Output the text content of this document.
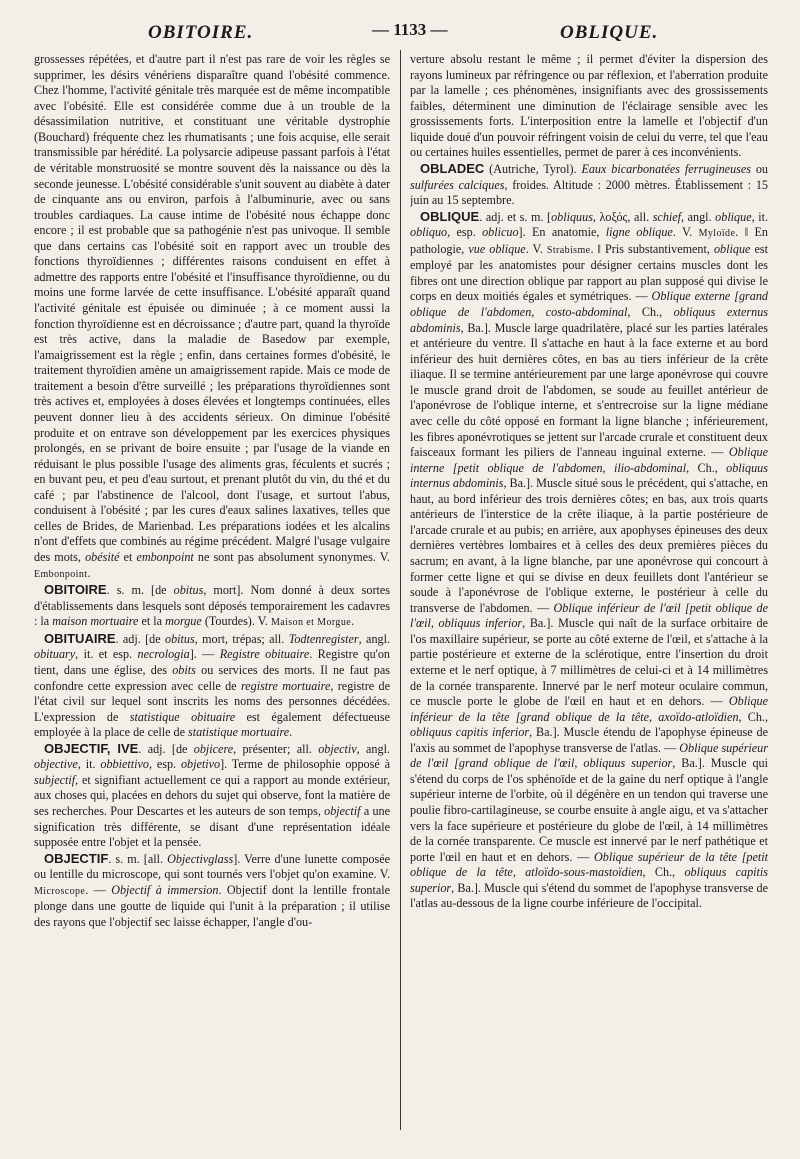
OBITOIRE.	— 1133 —	OBLIQUE.

grossesses répétées, et d'autre part il n'est pas rare de voir les règles se supprimer, les désirs vénériens disparaître quand l'obésité commence. Chez l'homme, l'activité génitale très marquée est de même incompatible avec l'obésité. Elle est considérée comme due à un trouble de la désassimilation nutritive, et constituant une véritable dystrophie (Bouchard) fréquente chez les rhumatisants ; une fois acquise, elle serait transmissible par hérédité. La polysarcie adipeuse passant parfois à l'état de véritable monstruosité se montre souvent dès la naissance ou dès la seconde jeunesse. L'obésité considérable s'unit souvent au diabète à dater de cinquante ans ou environ, parfois à l'albuminurie, avec ou sans troubles cardiaques. La cause intime de l'obésité nous échappe donc encore ; il est probable que sa pathogénie n'est pas univoque. Il semble que dans certains cas l'obésité soit en rapport avec un trouble des fonctions thyroïdiennes ; différentes raisons conduisent en effet à admettre des rapports entre l'obésité et l'insuffisance thyroïdienne, ou du moins une forme larvée de cette insuffisance. L'obésité apparaît quand l'activité génitale est épuisée ou diminuée ; à ce moment aussi la fonction thyroïdienne est en décroissance ; d'autre part, quand la thyroïde est très active, dans la maladie de Basedow par exemple, l'amaigrissement est la règle ; enfin, dans certaines formes d'obésité, le traitement thyroïdien amène un amaigrissement rapide. Mais ce mode de traitement a besoin d'être surveillé ; les préparations thyroïdiennes sont très actives et, employées à doses élevées et longtemps continuées, elles peuvent donner lieu à des accidents sérieux. On diminue l'obésité produite et on entrave son développement par les exercices physiques prolongés, en se privant de boire ensuite ; par l'usage de la viande en réduisant le plus possible l'usage des aliments gras, féculents et sucrés ; en buvant peu, et peu d'eau surtout, et prenant plutôt du vin, du thé et du café ; par l'abstinence de l'alcool, dont l'usage, et surtout l'abus, conduisent à l'obésité ; par les cures d'eaux salines laxatives, telles que celles de Brides, de Marienbad. Les préparations iodées et les alcalins n'ont d'effets que combinés au régime précédent. Malgré l'usage vulgaire des mots, obésité et embonpoint ne sont pas absolument synonymes. V. Embonpoint.

OBITOIRE. s. m. [de obitus, mort]. Nom donné à deux sortes d'établissements dans lesquels sont déposés temporairement les cadavres : la maison mortuaire et la morgue (Tourdes). V. Maison et Morgue.

OBITUAIRE. adj. [de obitus, mort, trépas; all. Todtenregister, angl. obituary, it. et esp. necrologia]. — Registre obituaire. Registre qu'on tient, dans une église, des obits ou services des morts. Il ne faut pas confondre cette expression avec celle de registre mortuaire, registre de l'état civil sur lequel sont inscrits les noms des personnes décédées. L'expression de statistique obituaire est également défectueuse employée à la place de celle de statistique mortuaire.

OBJECTIF, IVE. adj. [de objicere, présenter; all. objectiv, angl. objective, it. obbiettivo, esp. objetivo]. Terme de philosophie opposé à subjectif, et signifiant actuellement ce qui a rapport au monde extérieur, aux choses qui, placées en dehors du sujet qui observe, font la matière de ses recherches. Pour Descartes et les auteurs de son temps, objectif a une signification très différente, se disant d'une représentation idéale supposée entre l'objet et la pensée.

OBJECTIF. s. m. [all. Objectivglass]. Verre d'une lunette composée ou lentille du microscope, qui sont tournés vers l'objet qu'on examine. V. Microscope. — Objectif à immersion. Objectif dont la lentille frontale plonge dans une goutte de liquide qui l'unit à la préparation ; il utilise des rayons que l'objectif sec laisse échapper, l'angle d'ou-

verture absolu restant le même ; il permet d'éviter la dispersion des rayons lumineux par réfringence ou par réflexion, et l'aberration produite par la lamelle ; ces phénomènes, insignifiants avec des grossissements faibles, déterminent une diminution de l'éclairage sensible avec les grossissements forts. L'interposition entre la lamelle et l'objectif d'un liquide doué d'un pouvoir réfringent voisin de celui du verre, tel que l'eau ou certaines huiles essentielles, permet de parer à ces inconvénients.

OBLADEC (Autriche, Tyrol). Eaux bicarbonatées ferrugineuses ou sulfurées calciques, froides. Altitude : 2000 mètres. Établissement : 15 juin au 15 septembre.

OBLIQUE. adj. et s. m. [obliquus, λοξός, all. schief, angl. oblique, it. obliquo, esp. oblicuo]. En anatomie, ligne oblique. V. Myloïde. ‖ En pathologie, vue oblique. V. Strabisme. ‖ Pris substantivement, oblique est employé par les anatomistes pour désigner certains muscles dont les fibres ont une direction oblique par rapport au plan supposé qui divise le corps en deux moitiés égales et symétriques. — Oblique externe [grand oblique de l'abdomen, costo-abdominal, Ch., obliquus externus abdominis, Ba.]. Muscle large quadrilatère, placé sur les parties latérales et antérieure du ventre. Il s'attache en haut à la face externe et au bord inférieur des huit dernières côtes, en bas au tiers inférieur de la crête iliaque. Il se termine antérieurement par une large aponévrose qui couvre le muscle grand droit de l'abdomen, se soude au feuillet antérieur de l'aponévrose de l'oblique interne, et s'entrecroise sur la ligne médiane avec celle du côté opposé en formant la ligne blanche ; inférieurement, les fibres aponévrotiques se jettent sur l'arcade crurale et constituent deux faisceaux formant les piliers de l'anneau inguinal externe. — Oblique interne [petit oblique de l'abdomen, ilio-abdominal, Ch., obliquus internus abdominis, Ba.]. Muscle situé sous le précédent, qui s'attache, en haut, au bord inférieur des trois dernières côtes; en bas, aux trois quarts antérieurs de l'interstice de la crête iliaque, à la partie postérieure de l'arcade crurale et au pubis; en arrière, aux apophyses épineuses des deux dernières vertèbres lombaires et à celles des deux premières pièces du sacrum; en avant, à la ligne blanche, par une aponévrose qui concourt à former cette ligne et qui se divise en deux feuillets dont l'antérieur se soude à l'aponévrose de l'oblique externe, le postérieur à celle du transverse de l'abdomen. — Oblique inférieur de l'œil [petit oblique de l'œil, obliquus inferior, Ba.]. Muscle qui naît de la surface orbitaire de l'os maxillaire supérieur, se porte au côté externe de l'œil, et s'attache à la partie postérieure et externe de la sclérotique, entre l'insertion du droit externe et le nerf optique, à 7 millimètres de celui-ci et à 14 millimètres de la cornée transparente. Innervé par le nerf moteur oculaire commun, ce muscle porte le globe de l'œil en haut et en dehors. — Oblique inférieur de la tête [grand oblique de la tête, axoïdo-atloïdien, Ch., obliquus capitis inferior, Ba.]. Muscle étendu de l'apophyse épineuse de l'axis au sommet de l'apophyse transverse de l'atlas. — Oblique supérieur de l'œil [grand oblique de l'œil, obliquus superior, Ba.]. Muscle qui s'étend du corps de l'os sphénoïde et de la gaine du nerf optique à l'angle supérieur interne de l'orbite, où il dégénère en un tendon qui traverse une poulie fibro-cartilagineuse, se courbe ensuite à angle aigu, et va s'attacher vers la face supérieure et postérieure du globe de l'œil, à 14 millimètres de la cornée transparente. Ce muscle est innervé par le nerf pathétique et porte l'œil en haut et en dehors. — Oblique supérieur de la tête [petit oblique de la tête, atloïdo-sous-mastoïdien, Ch., obliquus capitis superior, Ba.]. Muscle qui s'étend du sommet de l'apophyse transverse de l'atlas au-dessous de la ligne courbe inférieure de l'occipital.
